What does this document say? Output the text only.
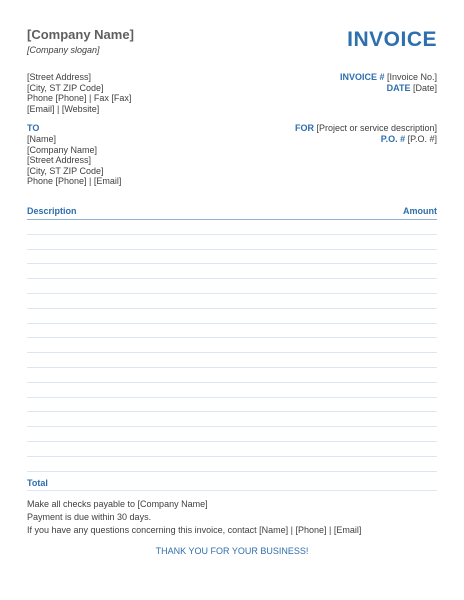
[Company Name]
[Company slogan]	INVOICE
[Street Address]
[City, ST ZIP Code]
Phone [Phone] | Fax [Fax]
[Email] | [Website]
INVOICE # [Invoice No.]
DATE [Date]
TO
[Name]
[Company Name]
[Street Address]
[City, ST ZIP Code]
Phone [Phone] | [Email]
FOR [Project or service description]
P.O. # [P.O. #]
Description	Amount
Total
Make all checks payable to [Company Name]
Payment is due within 30 days.
If you have any questions concerning this invoice, contact [Name] | [Phone] | [Email]
THANK YOU FOR YOUR BUSINESS!
